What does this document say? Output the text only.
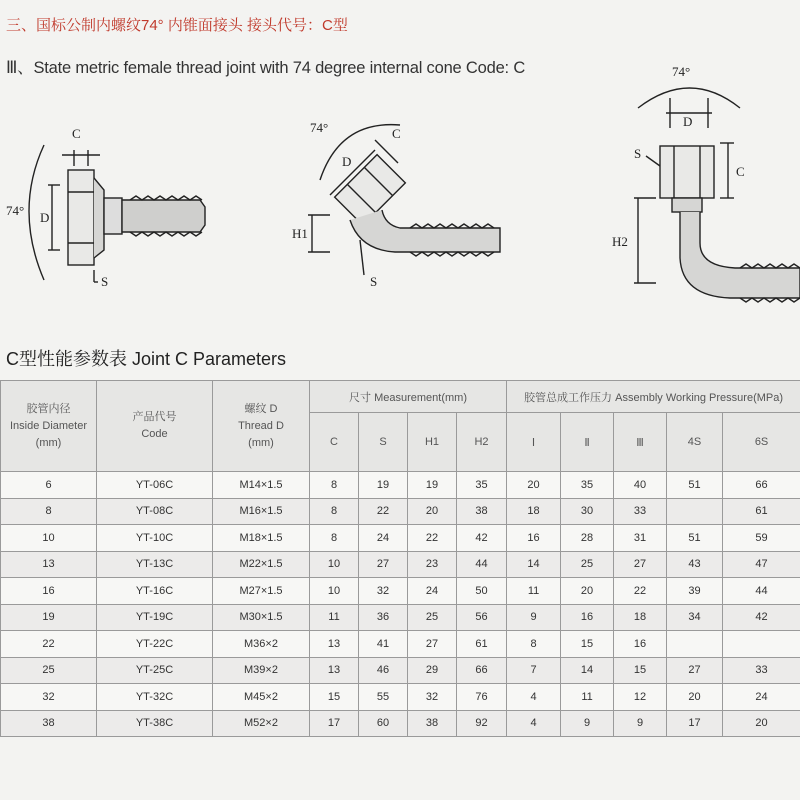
三、国标公制内螺纹74° 内锥面接头 接头代号：C型
Ⅲ、State metric female thread joint with 74 degree internal cone Code: C
C
74° D
S
74°
D
C
H1
S
74°
D
S
C
H2
C型性能参数表 Joint C Parameters
胶管内径
Inside Diameter
(mm)	产品代号
Code	螺纹 D
Thread D
(mm)	尺寸 Measurement(mm)				胶管总成工作压力 Assembly Working Pressure(MPa)				
			C	S	H1	H2	Ⅰ	Ⅱ	Ⅲ	4S	6S
6	YT-06C	M14×1.5	8	19	19	35	20	35	40	51	66
8	YT-08C	M16×1.5	8	22	20	38	18	30	33		61
10	YT-10C	M18×1.5	8	24	22	42	16	28	31	51	59
13	YT-13C	M22×1.5	10	27	23	44	14	25	27	43	47
16	YT-16C	M27×1.5	10	32	24	50	11	20	22	39	44
19	YT-19C	M30×1.5	11	36	25	56	9	16	18	34	42
22	YT-22C	M36×2	13	41	27	61	8	15	16		
25	YT-25C	M39×2	13	46	29	66	7	14	15	27	33
32	YT-32C	M45×2	15	55	32	76	4	11	12	20	24
38	YT-38C	M52×2	17	60	38	92	4	9	9	17	20
